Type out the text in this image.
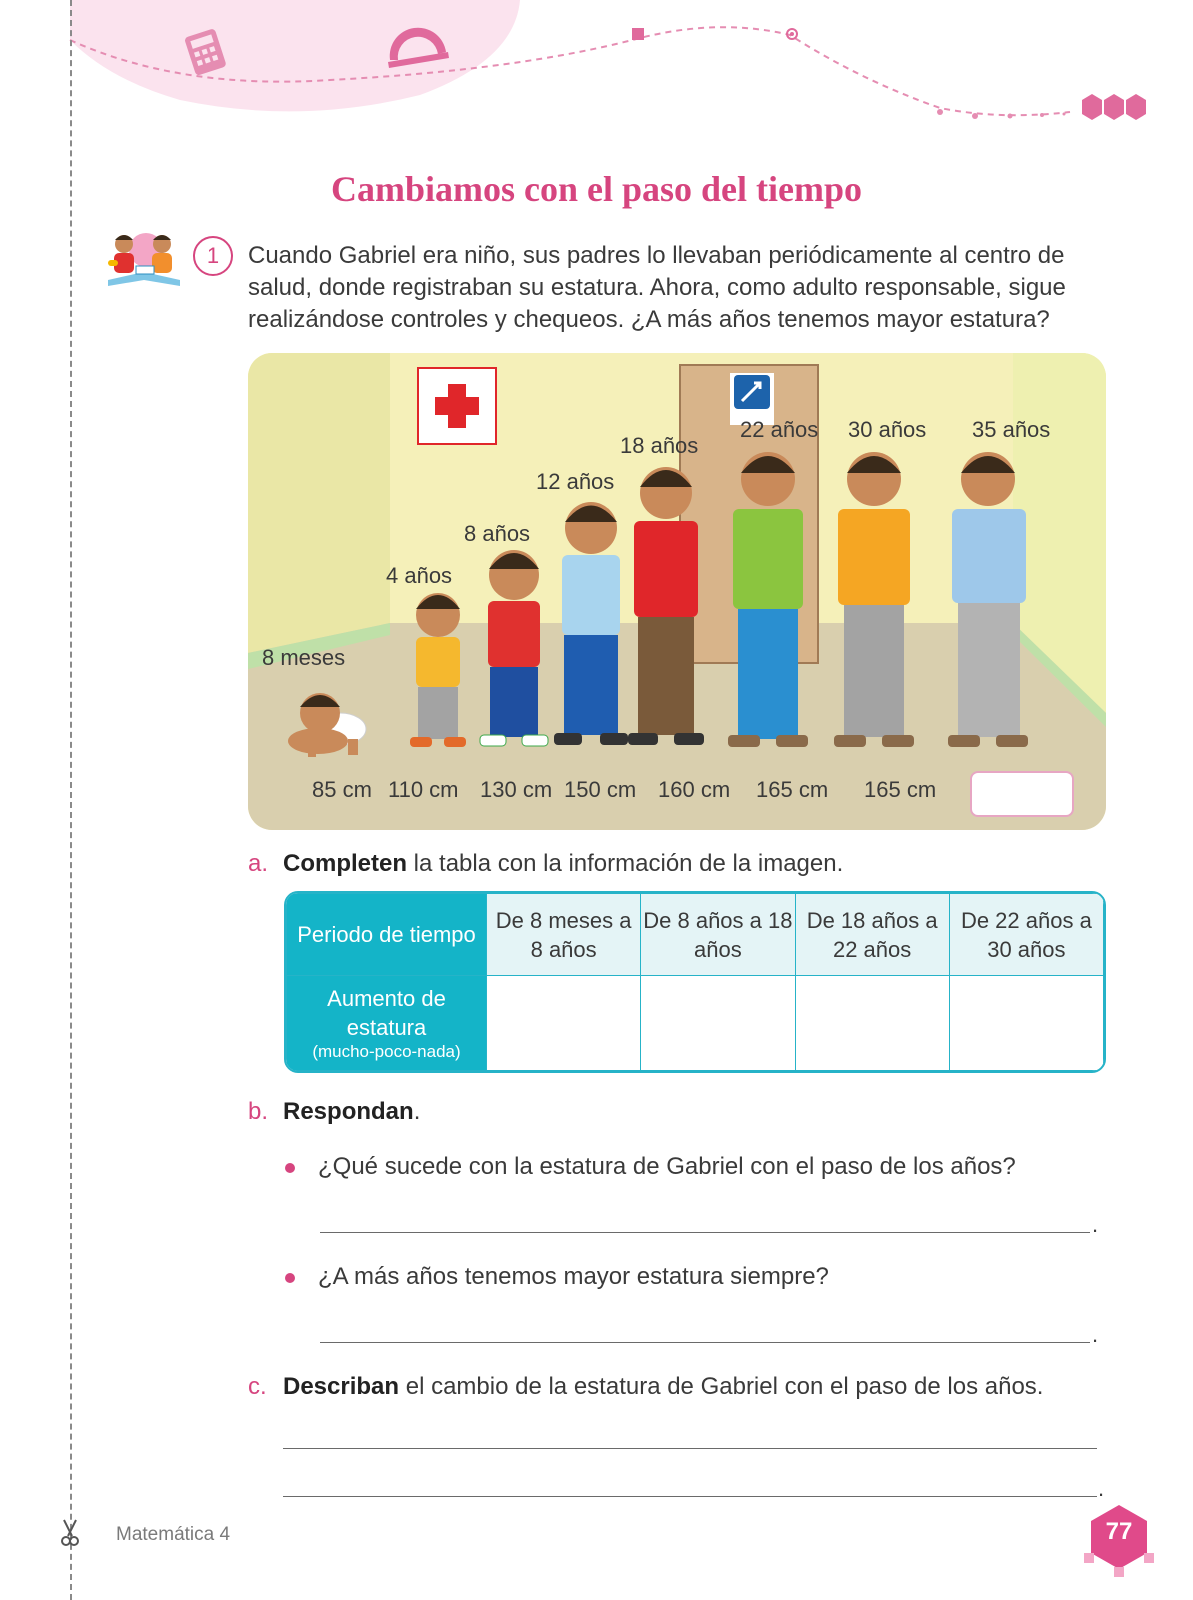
Cambiamos con el paso del tiempo
1	Cuando Gabriel era niño, sus padres lo llevaban periódicamente al centro de salud, donde registraban su estatura. Ahora, como adulto responsable, sigue realizándose controles y chequeos. ¿A más años tenemos mayor estatura?
8 meses
4 años
8 años
12 años
18 años
22 años 30 años 35 años
85 cm 110 cm 130 cm 150 cm 160 cm 165 cm 165 cm
a. Completen la tabla con la información de la imagen.
Periodo de tiempo	De 8 meses a 8 años	De 8 años a 18 años	De 18 años a 22 años	De 22 años a 30 años
Aumento de estatura
(mucho-poco-nada)				

b. Respondan.
¿Qué sucede con la estatura de Gabriel con el paso de los años?
.
¿A más años tenemos mayor estatura siempre?
.
c. Describan el cambio de la estatura de Gabriel con el paso de los años.
.
Matemática 4	77
